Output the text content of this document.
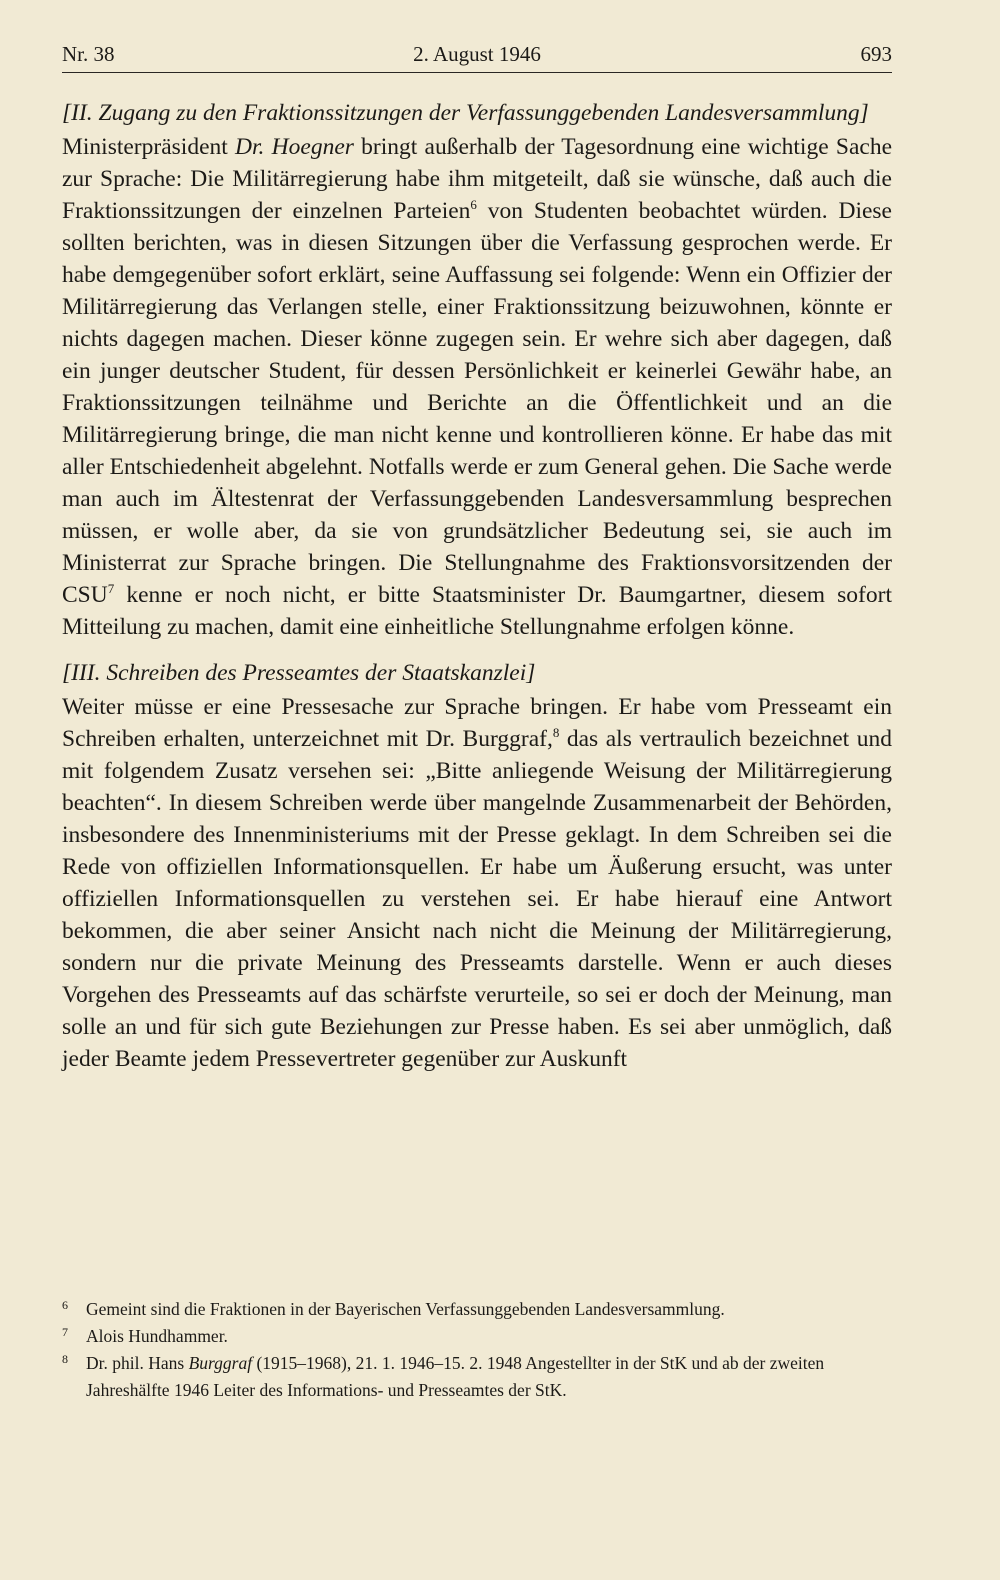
Nr. 38	2. August 1946	693

[II. Zugang zu den Fraktionssitzungen der Verfassunggebenden Landesversammlung]

Ministerpräsident Dr. Hoegner bringt außerhalb der Tagesordnung eine wichtige Sache zur Sprache: Die Militärregierung habe ihm mitgeteilt, daß sie wünsche, daß auch die Fraktionssitzungen der einzelnen Parteien$^6$ von Studenten beobachtet würden. Diese sollten berichten, was in diesen Sitzungen über die Verfassung gesprochen werde. Er habe demgegenüber sofort erklärt, seine Auffassung sei folgende: Wenn ein Offizier der Militärregierung das Verlangen stelle, einer Fraktionssitzung beizuwohnen, könnte er nichts dagegen machen. Dieser könne zugegen sein. Er wehre sich aber dagegen, daß ein junger deutscher Student, für dessen Persönlichkeit er keinerlei Gewähr habe, an Fraktionssitzungen teilnähme und Berichte an die Öffentlichkeit und an die Militärregierung bringe, die man nicht kenne und kontrollieren könne. Er habe das mit aller Entschiedenheit abgelehnt. Notfalls werde er zum General gehen. Die Sache werde man auch im Ältestenrat der Verfassunggebenden Landesversammlung besprechen müssen, er wolle aber, da sie von grundsätzlicher Bedeutung sei, sie auch im Ministerrat zur Sprache bringen. Die Stellungnahme des Fraktionsvorsitzenden der CSU$^7$ kenne er noch nicht, er bitte Staatsminister Dr. Baumgartner, diesem sofort Mitteilung zu machen, damit eine einheitliche Stellungnahme erfolgen könne.

[III. Schreiben des Presseamtes der Staatskanzlei]

Weiter müsse er eine Pressesache zur Sprache bringen. Er habe vom Presseamt ein Schreiben erhalten, unterzeichnet mit Dr. Burggraf,$^8$ das als vertraulich bezeichnet und mit folgendem Zusatz versehen sei: „Bitte anliegende Weisung der Militärregierung beachten“. In diesem Schreiben werde über mangelnde Zusammenarbeit der Behörden, insbesondere des Innenministeriums mit der Presse geklagt. In dem Schreiben sei die Rede von offiziellen Informationsquellen. Er habe um Äußerung ersucht, was unter offiziellen Informationsquellen zu verstehen sei. Er habe hierauf eine Antwort bekommen, die aber seiner Ansicht nach nicht die Meinung der Militärregierung, sondern nur die private Meinung des Presseamts darstelle. Wenn er auch dieses Vorgehen des Presseamts auf das schärfste verurteile, so sei er doch der Meinung, man solle an und für sich gute Beziehungen zur Presse haben. Es sei aber unmöglich, daß jeder Beamte jedem Pressevertreter gegenüber zur Auskunft

6 Gemeint sind die Fraktionen in der Bayerischen Verfassunggebenden Landesversammlung.
7 Alois Hundhammer.
8 Dr. phil. Hans Burggraf (1915–1968), 21. 1. 1946–15. 2. 1948 Angestellter in der StK und ab der zweiten Jahreshälfte 1946 Leiter des Informations- und Presseamtes der StK.
